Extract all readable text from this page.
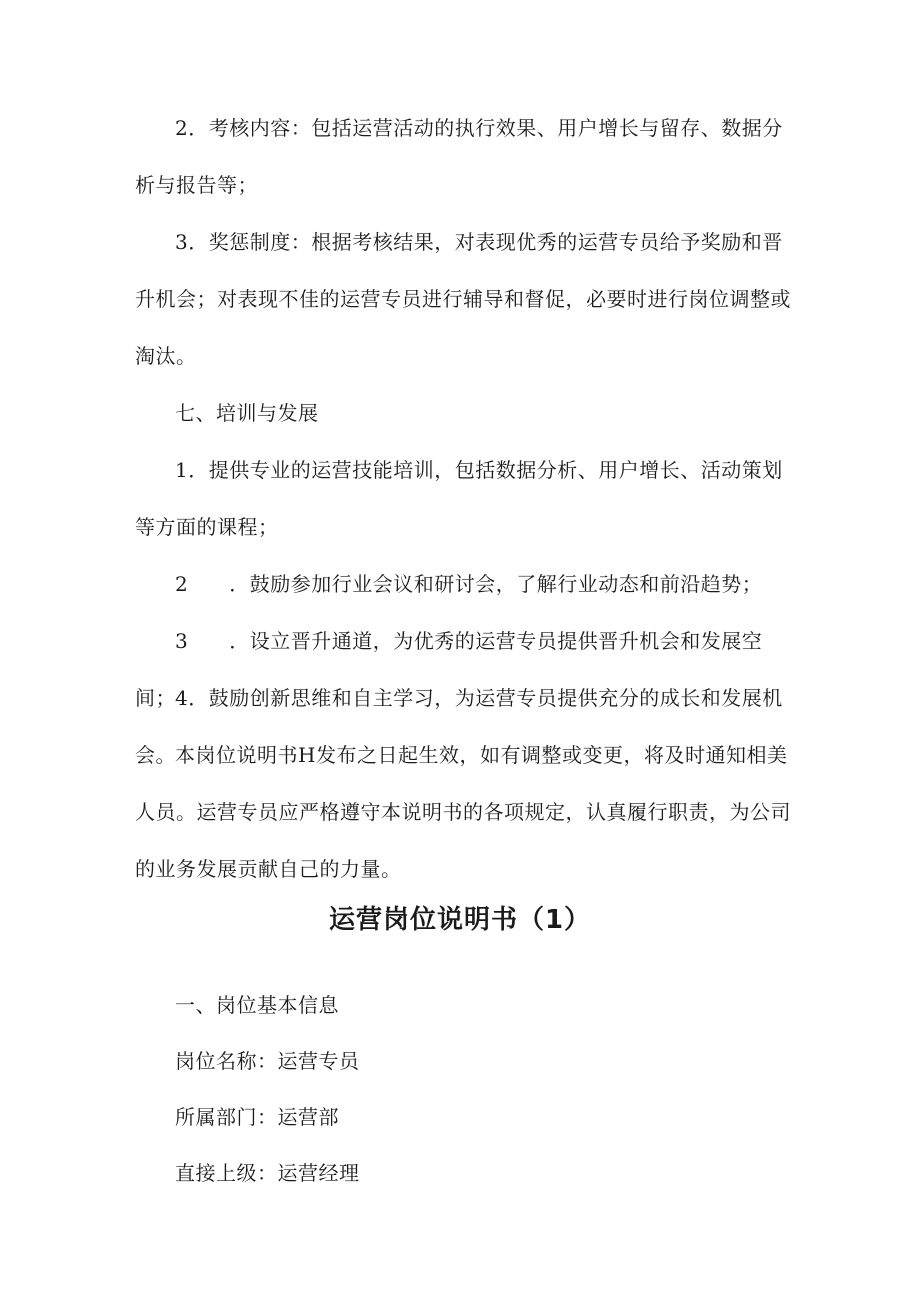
2．考核内容：包括运营活动的执行效果、用户增长与留存、数据分析与报告等；

3．奖惩制度：根据考核结果，对表现优秀的运营专员给予奖励和晋升机会；对表现不佳的运营专员进行辅导和督促，必要时进行岗位调整或淘汰。

七、培训与发展

1．提供专业的运营技能培训，包括数据分析、用户增长、活动策划等方面的课程；

2　　．鼓励参加行业会议和研讨会，了解行业动态和前沿趋势；

3　　．设立晋升通道，为优秀的运营专员提供晋升机会和发展空间； 4．鼓励创新思维和自主学习，为运营专员提供充分的成长和发展机会。 本岗位说明书H发布之日起生效，如有调整或变更，将及时通知相美人员。运营专员应严格遵守本说明书的各项规定，认真履行职责，为公司的业务发展贡献自己的力量。

运营岗位说明书（1）

一、岗位基本信息

岗位名称：运营专员

所属部门：运营部

直接上级：运营经理
